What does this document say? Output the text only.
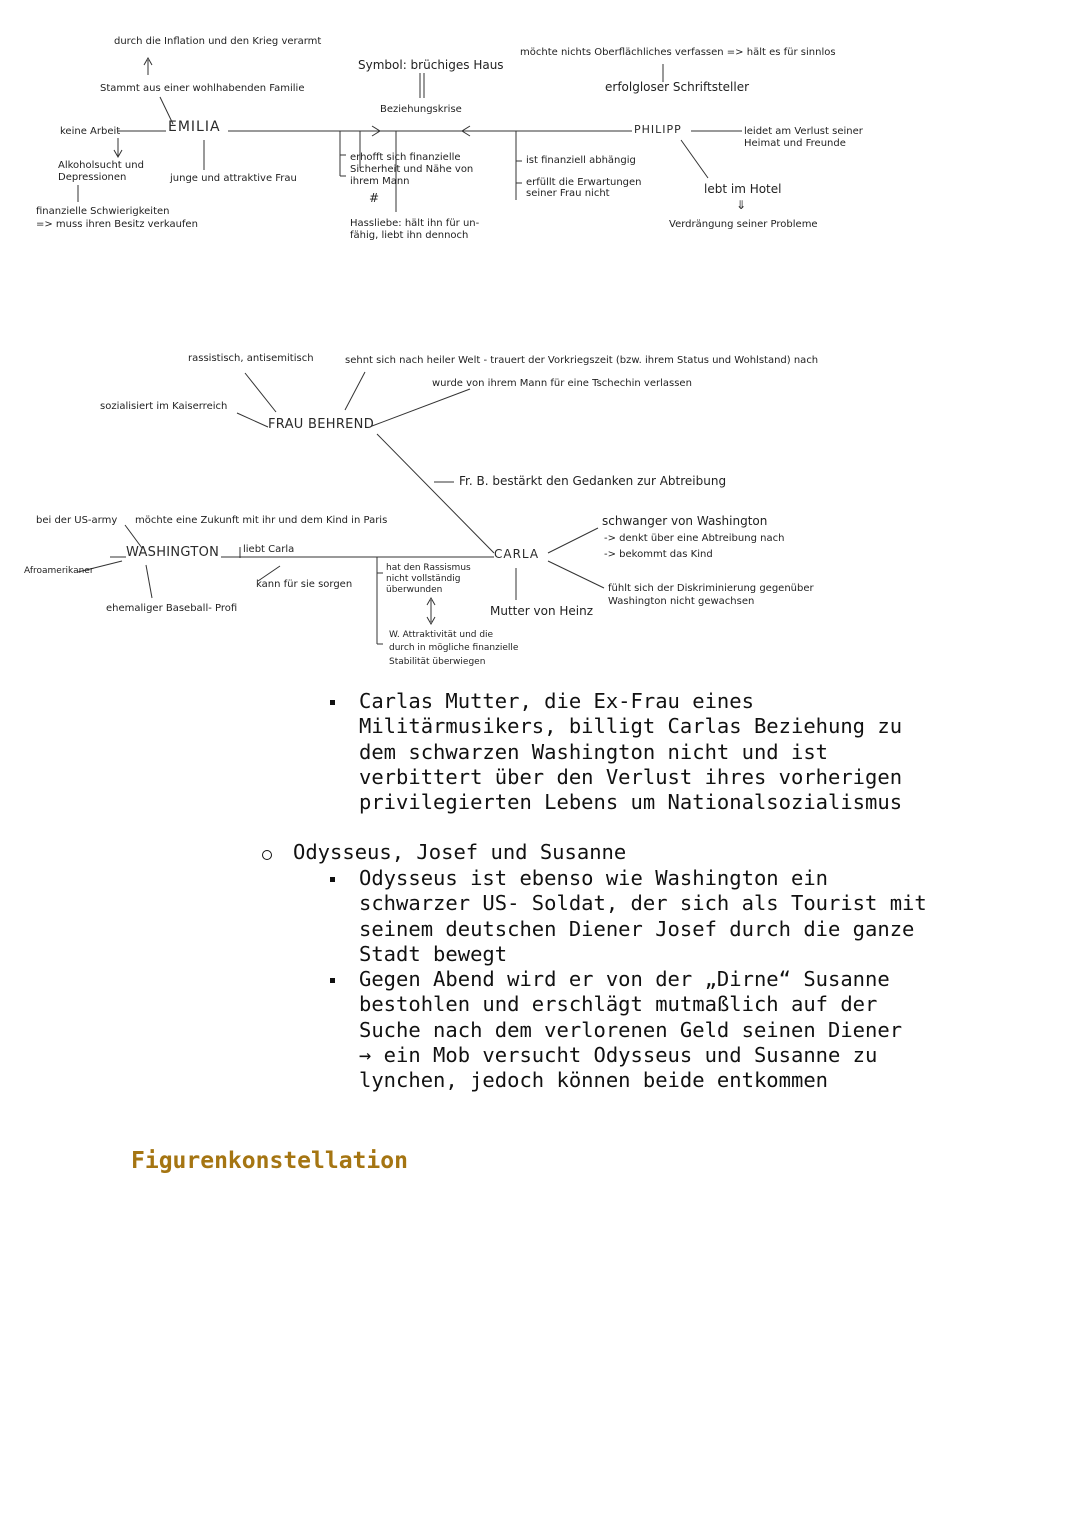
durch die Inflation und den Krieg verarmt
Stammt aus einer wohlhabenden Familie
keine Arbeit	EMILIA
Alkoholsucht und
Depressionen	junge und attraktive Frau
finanzielle Schwierigkeiten
=> muss ihren Besitz verkaufen
Symbol: brüchiges Haus
Beziehungskrise
erhofft sich finanzielle
Sicherheit und Nähe von
ihrem Mann
#
Hassliebe: hält ihn für un-
fähig, liebt ihn dennoch
möchte nichts Oberflächliches verfassen => hält es für sinnlos
erfolgloser Schriftsteller
PHILIPP
ist finanziell abhängig
erfüllt die Erwartungen
seiner Frau nicht
leidet am Verlust seiner
Heimat und Freunde
lebt im Hotel
⇓
Verdrängung seiner Probleme
rassistisch, antisemitisch	sehnt sich nach heiler Welt - trauert der Vorkriegszeit (bzw. ihrem Status und Wohlstand) nach
wurde von ihrem Mann für eine Tschechin verlassen
sozialisiert im Kaiserreich
FRAU BEHREND
Fr. B. bestärkt den Gedanken zur Abtreibung
bei der US-army möchte eine Zukunft mit ihr und dem Kind in Paris
Afroamerikaner
WASHINGTON liebt Carla
kann für sie sorgen
ehemaliger Baseball- Profi
CARLA
hat den Rassismus
nicht vollständig
überwunden
W. Attraktivität und die
durch in mögliche finanzielle
Stabilität überwiegen
Mutter von Heinz
schwanger von Washington
-> denkt über eine Abtreibung nach
-> bekommt das Kind
fühlt sich der Diskriminierung gegenüber
Washington nicht gewachsen
Carlas Mutter, die Ex-Frau eines
Militärmusikers, billigt Carlas Beziehung zu
dem schwarzen Washington nicht und ist
verbittert über den Verlust ihres vorherigen
privilegierten Lebens um Nationalsozialismus
Odysseus, Josef und Susanne
Odysseus ist ebenso wie Washington ein
schwarzer US- Soldat, der sich als Tourist mit
seinem deutschen Diener Josef durch die ganze
Stadt bewegt
Gegen Abend wird er von der „Dirne“ Susanne
bestohlen und erschlägt mutmaßlich auf der
Suche nach dem verlorenen Geld seinen Diener
→ ein Mob versucht Odysseus und Susanne zu
lynchen, jedoch können beide entkommen
Figurenkonstellation
